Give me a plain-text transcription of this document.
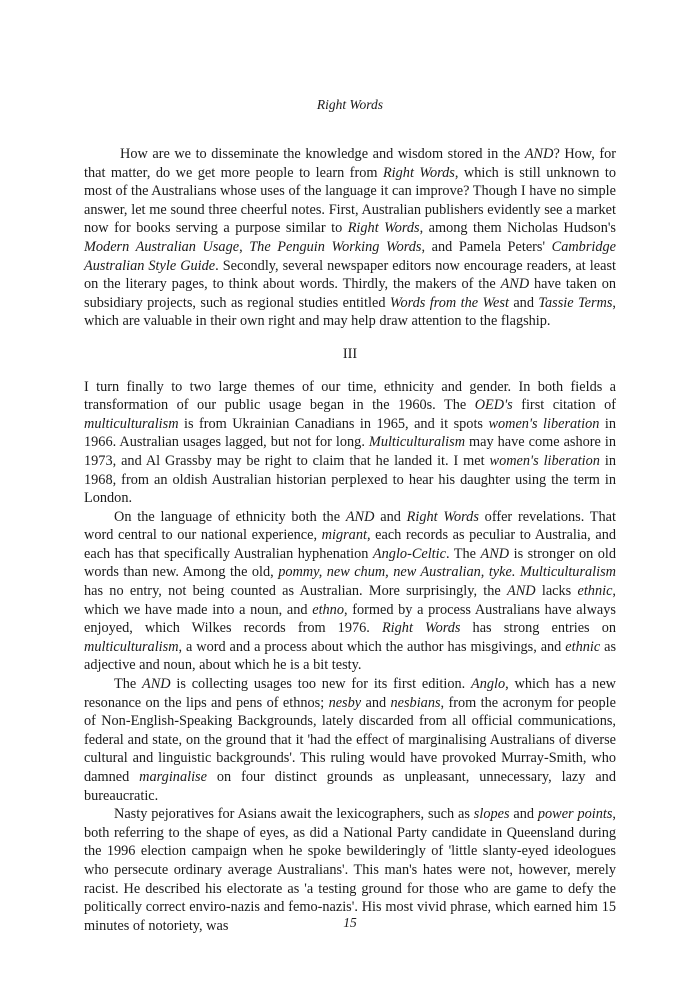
Right Words

How are we to disseminate the knowledge and wisdom stored in the AND? How, for that matter, do we get more people to learn from Right Words, which is still unknown to most of the Australians whose uses of the language it can improve? Though I have no simple answer, let me sound three cheerful notes. First, Australian publishers evidently see a market now for books serving a purpose similar to Right Words, among them Nicholas Hudson's Modern Australian Usage, The Penguin Working Words, and Pamela Peters' Cambridge Australian Style Guide. Secondly, several newspaper editors now encourage readers, at least on the literary pages, to think about words. Thirdly, the makers of the AND have taken on subsidiary projects, such as regional studies entitled Words from the West and Tassie Terms, which are valuable in their own right and may help draw attention to the flagship.

III

I turn finally to two large themes of our time, ethnicity and gender. In both fields a transformation of our public usage began in the 1960s. The OED's first citation of multiculturalism is from Ukrainian Canadians in 1965, and it spots women's liberation in 1966. Australian usages lagged, but not for long. Multiculturalism may have come ashore in 1973, and Al Grassby may be right to claim that he landed it. I met women's liberation in 1968, from an oldish Australian historian perplexed to hear his daughter using the term in London.

On the language of ethnicity both the AND and Right Words offer revelations. That word central to our national experience, migrant, each records as peculiar to Australia, and each has that specifically Australian hyphenation Anglo-Celtic. The AND is stronger on old words than new. Among the old, pommy, new chum, new Australian, tyke. Multiculturalism has no entry, not being counted as Australian. More surprisingly, the AND lacks ethnic, which we have made into a noun, and ethno, formed by a process Australians have always enjoyed, which Wilkes records from 1976. Right Words has strong entries on multiculturalism, a word and a process about which the author has misgivings, and ethnic as adjective and noun, about which he is a bit testy.

The AND is collecting usages too new for its first edition. Anglo, which has a new resonance on the lips and pens of ethnos; nesby and nesbians, from the acronym for people of Non-English-Speaking Backgrounds, lately discarded from all official communications, federal and state, on the ground that it 'had the effect of marginalising Australians of diverse cultural and linguistic backgrounds'. This ruling would have provoked Murray-Smith, who damned marginalise on four distinct grounds as unpleasant, unnecessary, lazy and bureaucratic.

Nasty pejoratives for Asians await the lexicographers, such as slopes and power points, both referring to the shape of eyes, as did a National Party candidate in Queensland during the 1996 election campaign when he spoke bewilderingly of 'little slanty-eyed ideologues who persecute ordinary average Australians'. This man's hates were not, however, merely racist. He described his electorate as 'a testing ground for those who are game to defy the politically correct enviro-nazis and femo-nazis'. His most vivid phrase, which earned him 15 minutes of notoriety, was	15
